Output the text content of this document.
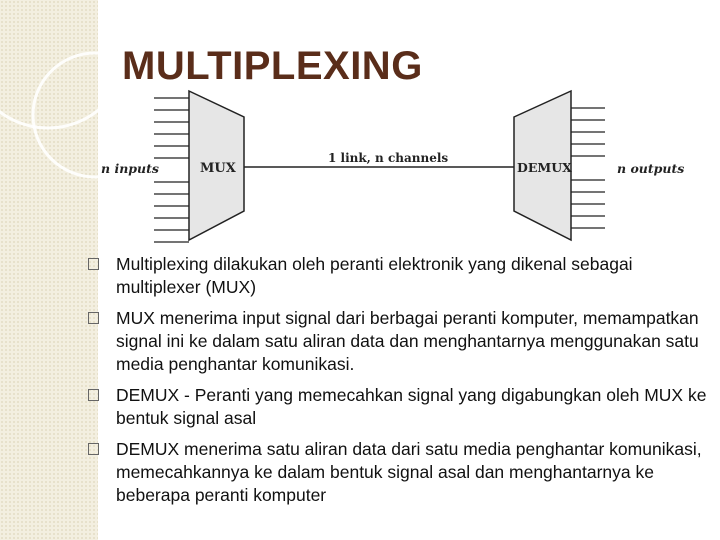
MULTIPLEXING
n inputs	MUX
1 link, n channels
DEMUX	n outputs
Multiplexing dilakukan oleh peranti elektronik yang dikenal sebagai multiplexer (MUX)
MUX menerima input signal dari berbagai peranti komputer, memampatkan signal ini ke dalam satu aliran data dan menghantarnya menggunakan satu media penghantar komunikasi.
DEMUX - Peranti yang memecahkan signal yang digabungkan oleh MUX ke bentuk signal asal
DEMUX menerima satu aliran data dari satu media penghantar komunikasi, memecahkannya ke dalam bentuk signal asal dan menghantarnya ke beberapa peranti komputer
